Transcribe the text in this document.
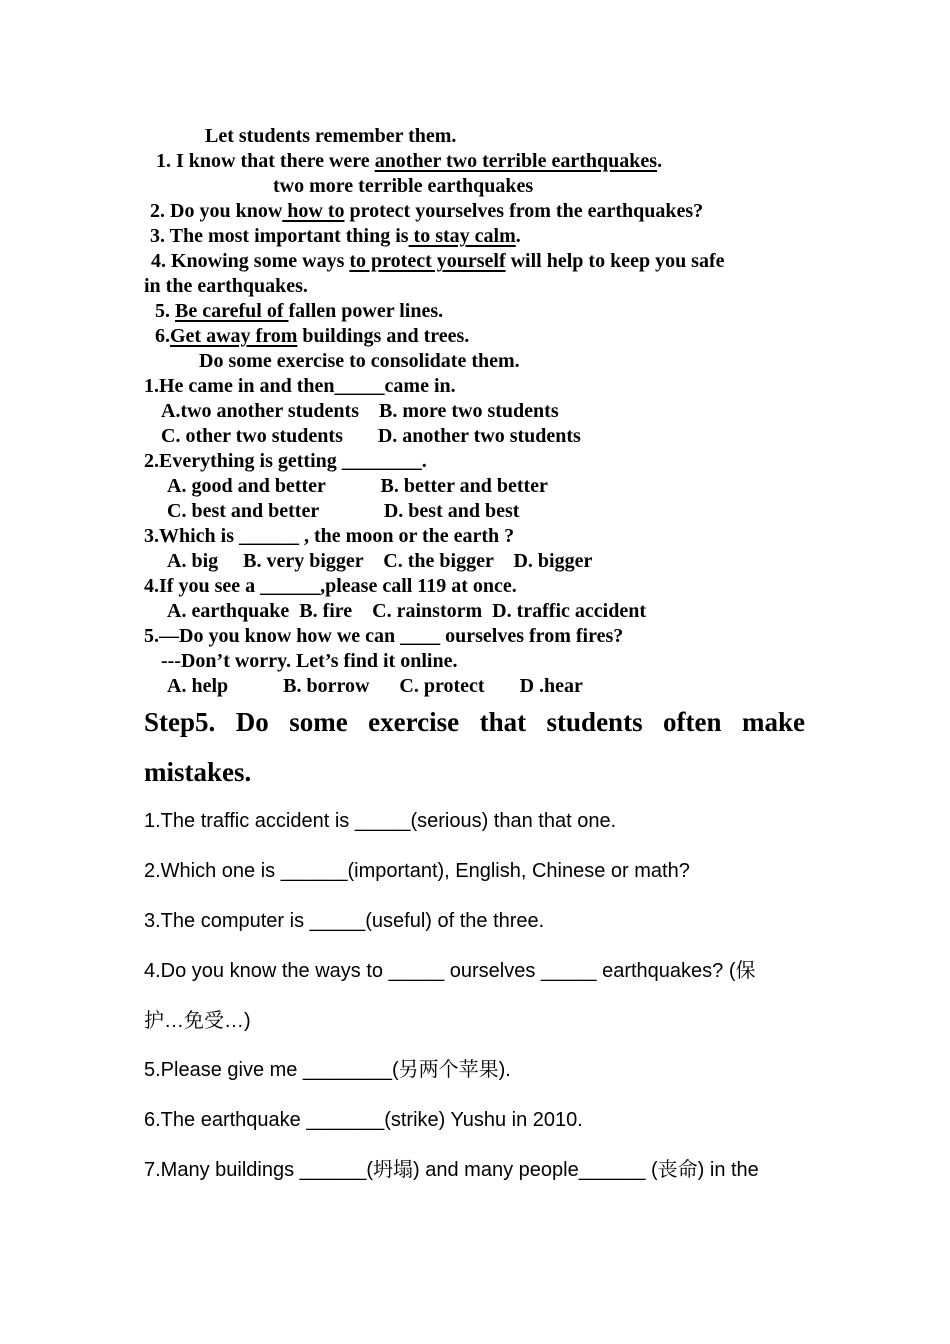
Let students remember them.
1. I know that there were another two terrible earthquakes.
two more terrible earthquakes
2. Do you know how to protect yourselves from the earthquakes?
3. The most important thing is to stay calm.
4. Knowing some ways to protect yourself will help to keep you safe
in the earthquakes.
5. Be careful of fallen power lines.
6.Get away from buildings and trees.
Do some exercise to consolidate them.
1.He came in and then_____came in.
A.two another students    B. more two students
C. other two students       D. another two students
2.Everything is getting ________.
A. good and better           B. better and better
C. best and better             D. best and best
3.Which is ______ , the moon or the earth ?
A. big     B. very bigger    C. the bigger    D. bigger
4.If you see a ______,please call 119 at once.
A. earthquake  B. fire    C. rainstorm  D. traffic accident
5.—Do you know how we can ____ ourselves from fires?
---Don’t worry. Let’s find it online.
A. help           B. borrow      C. protect       D .hear
Step5. Do some exercise that students often make
mistakes.
1.The traffic accident is _____(serious) than that one.
2.Which one is ______(important), English, Chinese or math?
3.The computer is _____(useful) of the three.
4.Do you know the ways to _____ ourselves _____ earthquakes? (保
护…免受…)
5.Please give me ________(另两个苹果).
6.The earthquake _______(strike) Yushu in 2010.
7.Many buildings ______(坍塌) and many people______ (丧命) in the
